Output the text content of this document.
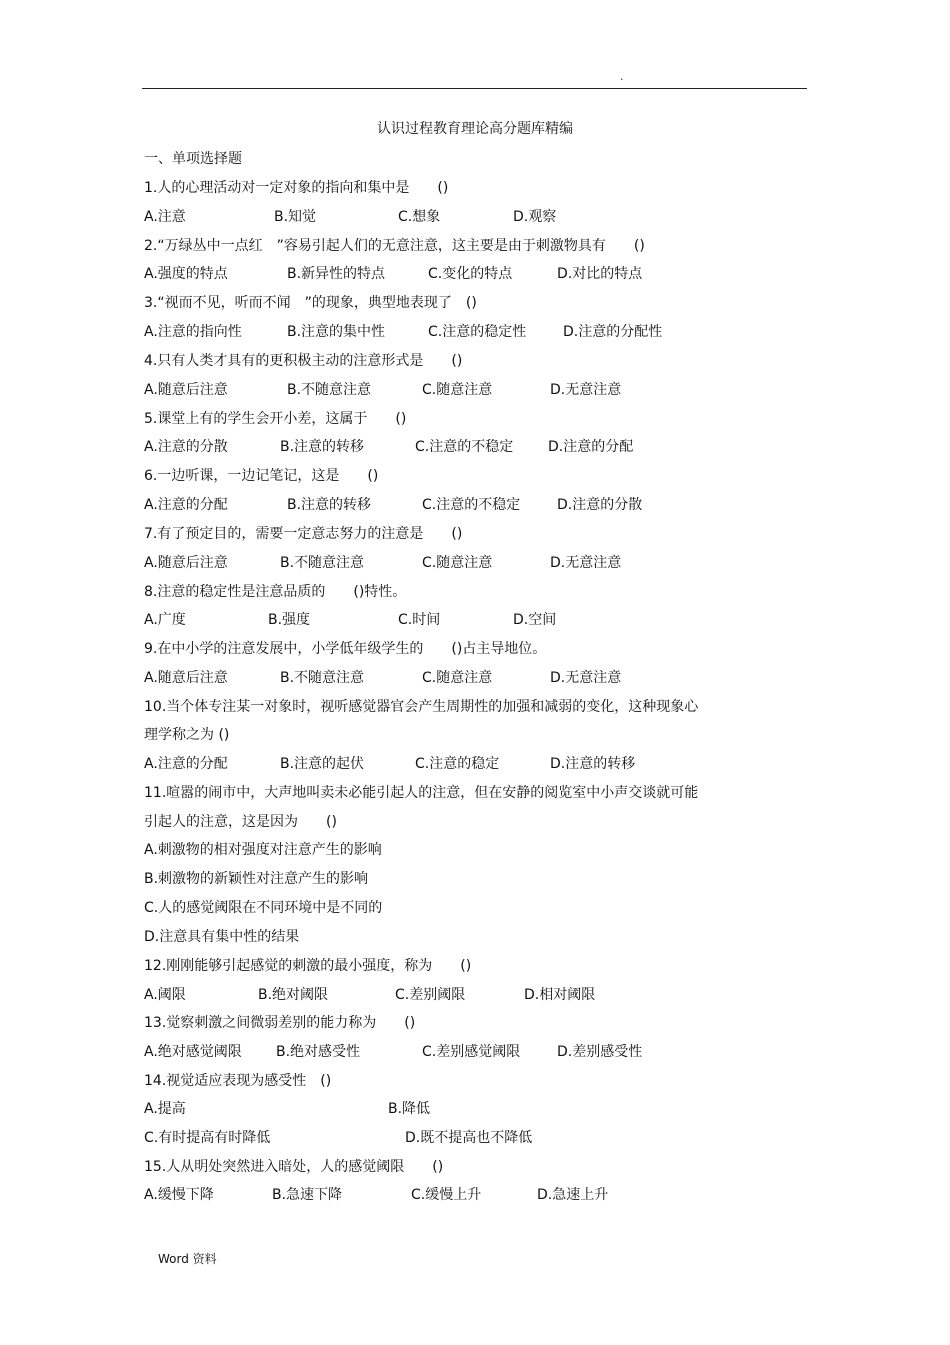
.
认识过程教育理论高分题库精编
一、单项选择题
1.人的心理活动对一定对象的指向和集中是　　()
A.注意	B.知觉	C.想象	D.观察
2.“万绿丛中一点红　”容易引起人们的无意注意，这主要是由于刺激物具有　　()
A.强度的特点	B.新异性的特点	C.变化的特点	D.对比的特点
3.“视而不见，听而不闻　”的现象，典型地表现了　()
A.注意的指向性	B.注意的集中性	C.注意的稳定性	D.注意的分配性
4.只有人类才具有的更积极主动的注意形式是　　()
A.随意后注意	B.不随意注意	C.随意注意	D.无意注意
5.课堂上有的学生会开小差，这属于　　()
A.注意的分散	B.注意的转移	C.注意的不稳定 D.注意的分配
6.一边听课，一边记笔记，这是　　()
A.注意的分配	B.注意的转移	C.注意的不稳定	D.注意的分散
7.有了预定目的，需要一定意志努力的注意是　　()
A.随意后注意	B.不随意注意	C.随意注意	D.无意注意
8.注意的稳定性是注意品质的　　()特性。
A.广度	B.强度	C.时间	D.空间
9.在中小学的注意发展中，小学低年级学生的　　()占主导地位。
A.随意后注意	B.不随意注意	C.随意注意	D.无意注意
10.当个体专注某一对象时，视听感觉器官会产生周期性的加强和减弱的变化，这种现象心
理学称之为 ()
A.注意的分配	B.注意的起伏	C.注意的稳定	D.注意的转移
11.喧嚣的闹市中，大声地叫卖未必能引起人的注意，但在安静的阅览室中小声交谈就可能
引起人的注意，这是因为　　()
A.刺激物的相对强度对注意产生的影响
B.刺激物的新颖性对注意产生的影响
C.人的感觉阈限在不同环境中是不同的
D.注意具有集中性的结果
12.刚刚能够引起感觉的刺激的最小强度，称为　　()
A.阈限	B.绝对阈限	C.差别阈限	D.相对阈限
13.觉察刺激之间微弱差别的能力称为　　()
A.绝对感觉阈限 B.绝对感受性	C.差别感觉阈限	D.差别感受性
14.视觉适应表现为感受性　()
A.提高	B.降低
C.有时提高有时降低	D.既不提高也不降低
15.人从明处突然进入暗处，人的感觉阈限　　()
A.缓慢下降	B.急速下降	C.缓慢上升	D.急速上升
Word 资料
